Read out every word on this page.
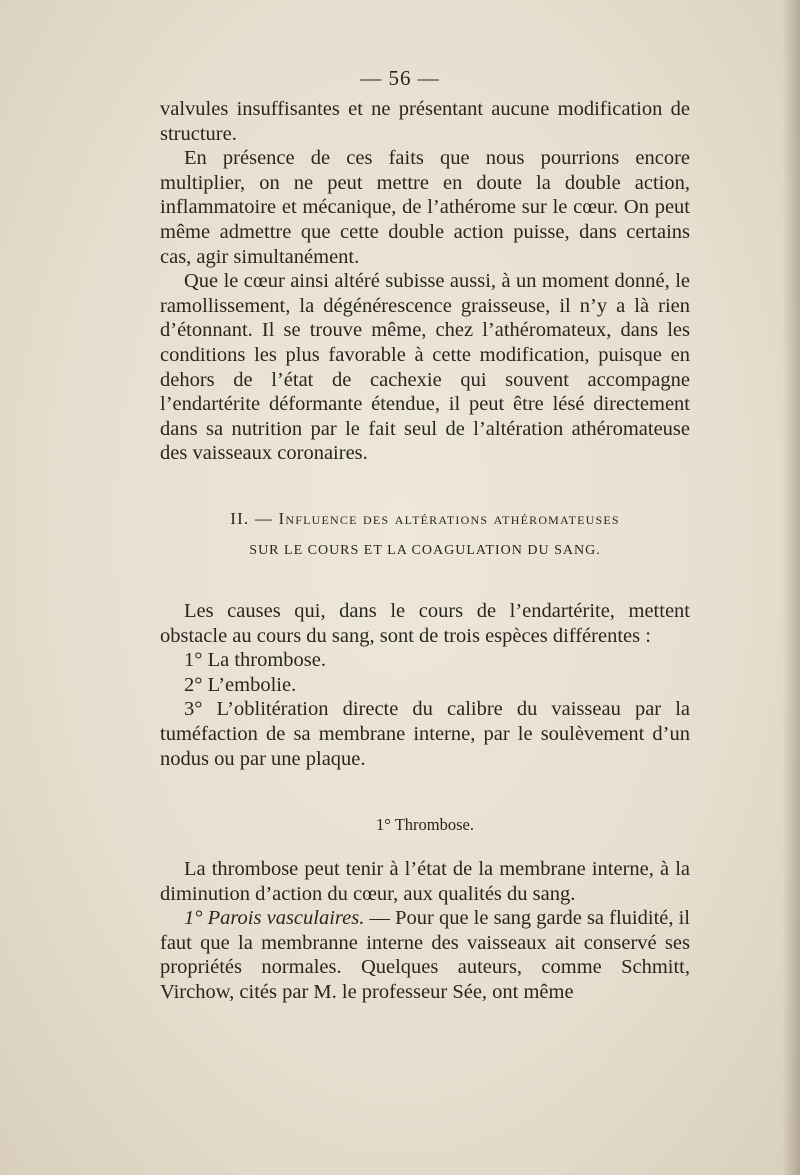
— 56 —

valvules insuffisantes et ne présentant aucune modification de structure.

En présence de ces faits que nous pourrions encore multiplier, on ne peut mettre en doute la double action, inflammatoire et mécanique, de l’athérome sur le cœur. On peut même admettre que cette double action puisse, dans certains cas, agir simultanément.

Que le cœur ainsi altéré subisse aussi, à un moment donné, le ramollissement, la dégénérescence graisseuse, il n’y a là rien d’étonnant. Il se trouve même, chez l’athéromateux, dans les conditions les plus favorable à cette modification, puisque en dehors de l’état de cachexie qui souvent accompagne l’endartérite déformante étendue, il peut être lésé directement dans sa nutrition par le fait seul de l’altération athéromateuse des vaisseaux coronaires.

II. — Influence des altérations athéromateuses
SUR LE COURS ET LA COAGULATION DU SANG.

Les causes qui, dans le cours de l’endartérite, mettent obstacle au cours du sang, sont de trois espèces différentes :

1° La thrombose.

2° L’embolie.

3° L’oblitération directe du calibre du vaisseau par la tuméfaction de sa membrane interne, par le soulèvement d’un nodus ou par une plaque.

1° Thrombose.

La thrombose peut tenir à l’état de la membrane interne, à la diminution d’action du cœur, aux qualités du sang.

1° Parois vasculaires. — Pour que le sang garde sa fluidité, il faut que la membranne interne des vaisseaux ait conservé ses propriétés normales. Quelques auteurs, comme Schmitt, Virchow, cités par M. le professeur Sée, ont même
